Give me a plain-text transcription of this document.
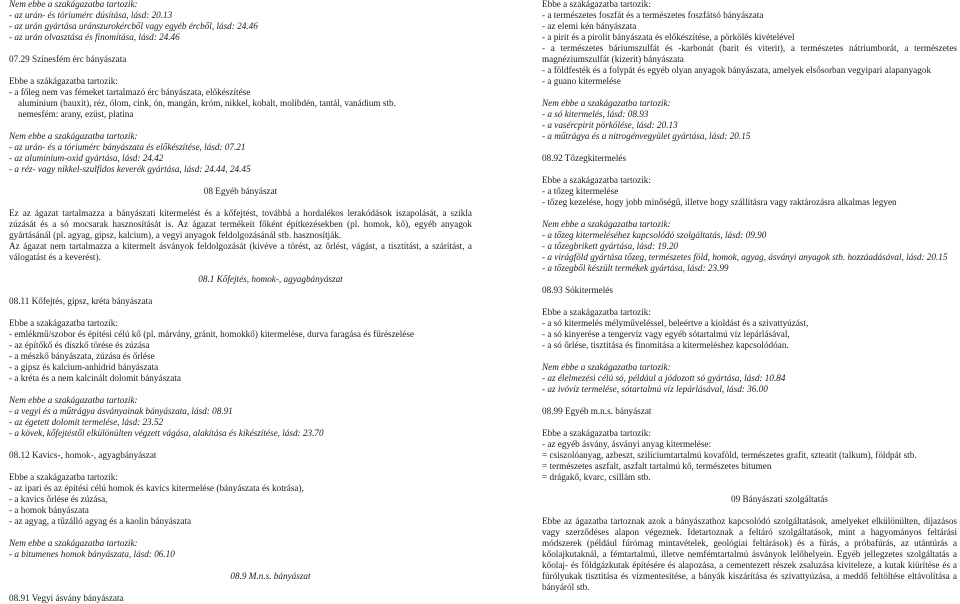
Nem ebbe a szakágazatba tartozik:
- az urán- és tóriumérc dúsítása, lásd: 20.13
- az urán gyártása uránszurokércből vagy egyéb ércből, lásd: 24.46
- az urán olvasztása és finomítása, lásd: 24.46
07.29 Színesfém érc bányászata
Ebbe a szákágazatba tartozik:
- a főleg nem vas fémeket tartalmazó érc bányászata, előkészítése
alumínium (bauxit), réz, ólom, cink, ón, mangán, króm, nikkel, kobalt, molibdén, tantál, vanádium stb.
nemesfém: arany, ezüst, platina
Nem ebbe a szakágazatba tartozik:
- az urán- és a tóriumérc bányászata és előkészítése, lásd: 07.21
- az alumínium-oxid gyártása, lásd: 24.42
- a réz- vagy nikkel-szulfidos keverék gyártása, lásd: 24.44, 24.45
08 Egyéb bányászat
Ez az ágazat tartalmazza a bányászati kitermelést és a kőfejtést, továbbá a hordalékos lerakódások iszapolását, a szikla zúzását és a só mocsarak hasznosítását is. Az ágazat termékeit főként építkezésekben (pl. homok, kő), egyéb anyagok gyártásánál (pl. agyag, gipsz, kalcium), a vegyi anyagok feldolgozásánál stb. hasznosítják.
Az ágazat nem tartalmazza a kitermelt ásványok feldolgozását (kivéve a törést, az őrlést, vágást, a tisztítást, a szárítást, a válogatást és a keverést).
08.1 Kőfejtés, homok-, agyagbányászat
08.11 Kőfejtés, gipsz, kréta bányászata
Ebbe a szakágazatba tartozik:
- emlékmű/szobor és építési célú kő (pl. márvány, gránit, homokkő) kitermelése, durva faragása és fűrészelése
- az építőkő és díszkő törése és zúzása
- a mészkő bányászata, zúzása és őrlése
- a gipsz és kalcium-anhidrid bányászata
- a kréta és a nem kalcinált dolomit bányászata
Nem ebbe a szakágazatba tartozik:
- a vegyi és a műtrágya ásványainak bányászata, lásd: 08.91
- az égetett dolomit termelése, lásd: 23.52
- a kövek, kőfejtéstől elkülönülten végzett vágása, alakítása és kikészítése, lásd: 23.70
08.12 Kavics-, homok-, agyagbányászat
Ebbe a szakágazatba tartozik:
- az ipari és az építési célú homok és kavics kitermelése (bányászata és kotrása),
- a kavics őrlése és zúzása,
- a homok bányászata
- az agyag, a tűzálló agyag és a kaolin bányászata
Nem ebbe a szakágazatba tartozik:
- a bitumenes homok bányászata, lásd: 06.10
08.9 M.n.s. bányászat
08.91 Vegyi ásvány bányászata
Ebbe a szakágazatba tartozik:
- a természetes foszfát és a természetes foszfátsó bányászata
- az elemi kén bányászata
- a pirit és a pirolit bányászata és előkészítése, a pörkölés kivételével
- a természetes báriumszulfát és -karbonát (barit és viterit), a természetes nátriumborát, a természetes magnéziumszulfát (kizerit) bányászata
- a földfesték és a folypát és egyéb olyan anyagok bányászata, amelyek elsősorban vegyipari alapanyagok
- a guano kitermelése
Nem ebbe a szakágazatba tartozik:
- a só kitermelés, lásd: 08.93
- a vasércpirit pörkölése, lásd: 20.13
- a műtrágya és a nitrogénvegyület gyártása, lásd: 20.15
08.92 Tőzegkitermelés
Ebbe a szakágazatba tartozik:
- a tőzeg kitermelése
- tőzeg kezelése, hogy jobb minőségű, illetve hogy szállításra vagy raktározásra alkalmas legyen
Nem ebbe a szakágazatba tartozik:
- a tőzeg kitermeléséhez kapcsolódó szolgáltatás, lásd: 09.90
- a tőzegbrikett gyártása, lásd: 19.20
- a virágföld gyártása tőzeg, természetes föld, homok, agyag, ásványi anyagok stb. hozzáadásával, lásd: 20.15
- a tőzegből készült termékek gyártása, lásd: 23.99
08.93 Sókitermelés
Ebbe a szakágazatba tartozik:
- a só kitermelés mélyműveléssel, beleértve a kioldást és a szivattyúzást,
- a só kinyerése a tengervíz vagy egyéb sótartalmú víz lepárlásával,
- a só őrlése, tisztítása és finomítása a kitermeléshez kapcsolódóan.
Nem ebbe a szakágazatba tartozik:
- az élelmezési célú só, például a jódozott só gyártása, lásd: 10.84
- az ivóvíz termelése, sótartalmú víz lepárlásával, lásd: 36.00
08.99 Egyéb m.n.s. bányászat
Ebbe a szakágazatba tartozik:
- az egyéb ásvány, ásványi anyag kitermelése:
= csiszolóanyag, azbeszt, szilíciumtartalmú kovaföld, természetes grafit, szteatit (talkum), földpát stb.
= természetes aszfalt, aszfalt tartalmú kő, természetes bitumen
= drágakő, kvarc, csillám stb.
09 Bányászati szolgáltatás
Ebbe az ágazatba tartoznak azok a bányászathoz kapcsolódó szolgáltatások, amelyeket elkülönülten, díjazásos vagy szerződéses alapon végeznek. Idetartoznak a feltáró szolgáltatások, mint a hagyományos feltárási módszerek (például fúrómag mintavételek, geológiai feltárások) és a fúrás, a próbafúrás, az utántúrás a kőolajkutaknál, a fémtartalmú, illetve nemfémtartalmú ásványok lelőhelyein. Egyéb jellegzetes szolgáltatás a kőolaj- és földgázkutak építésére és alapozása, a cementezett részek zsaluzása kiviteleze, a kutak kiürítése és a fúrólyukak tisztítása és vízmentesítése, a bányák kiszárítása és szivattyúzása, a meddő feltöltése eltávolítása a bányáról stb.
